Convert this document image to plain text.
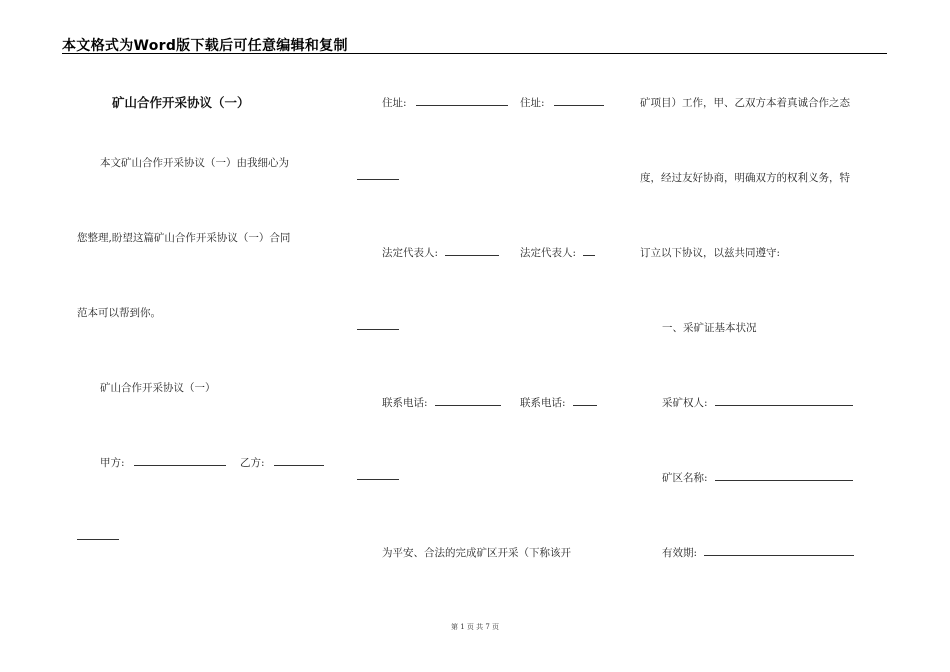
本文格式为Word版下载后可任意编辑和复制
矿山合作开采协议（一）
本文矿山合作开采协议（一）由我细心为
您整理,盼望这篇矿山合作开采协议（一）合同
范本可以帮到你。
矿山合作开采协议（一）
甲方:	乙方:
住址:	住址:
法定代表人:	法定代表人:
联系电话:	联系电话:
为平安、合法的完成矿区开采（下称该开
矿项目）工作，甲、乙双方本着真诚合作之态
度，经过友好协商，明确双方的权利义务，特
订立以下协议，以兹共同遵守:
一、采矿证基本状况
采矿权人:
矿区名称:
有效期:
第 1 页 共 7 页
